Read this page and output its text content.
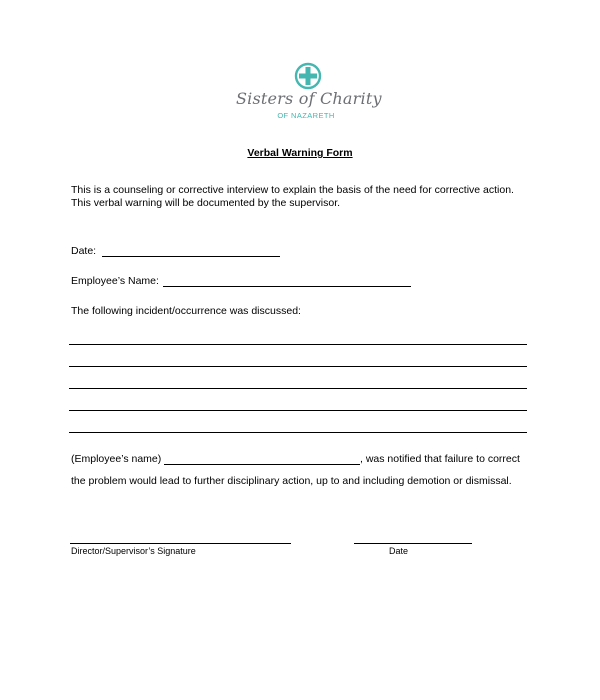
Sisters of Charity
OF NAZARETH
Verbal Warning Form
This is a counseling or corrective interview to explain the basis of the need for corrective action.
This verbal warning will be documented by the supervisor.
Date:
Employee’s Name:
The following incident/occurrence was discussed:
(Employee’s name)	, was notified that failure to correct
the problem would lead to further disciplinary action, up to and including demotion or dismissal.
Director/Supervisor’s Signature	Date
